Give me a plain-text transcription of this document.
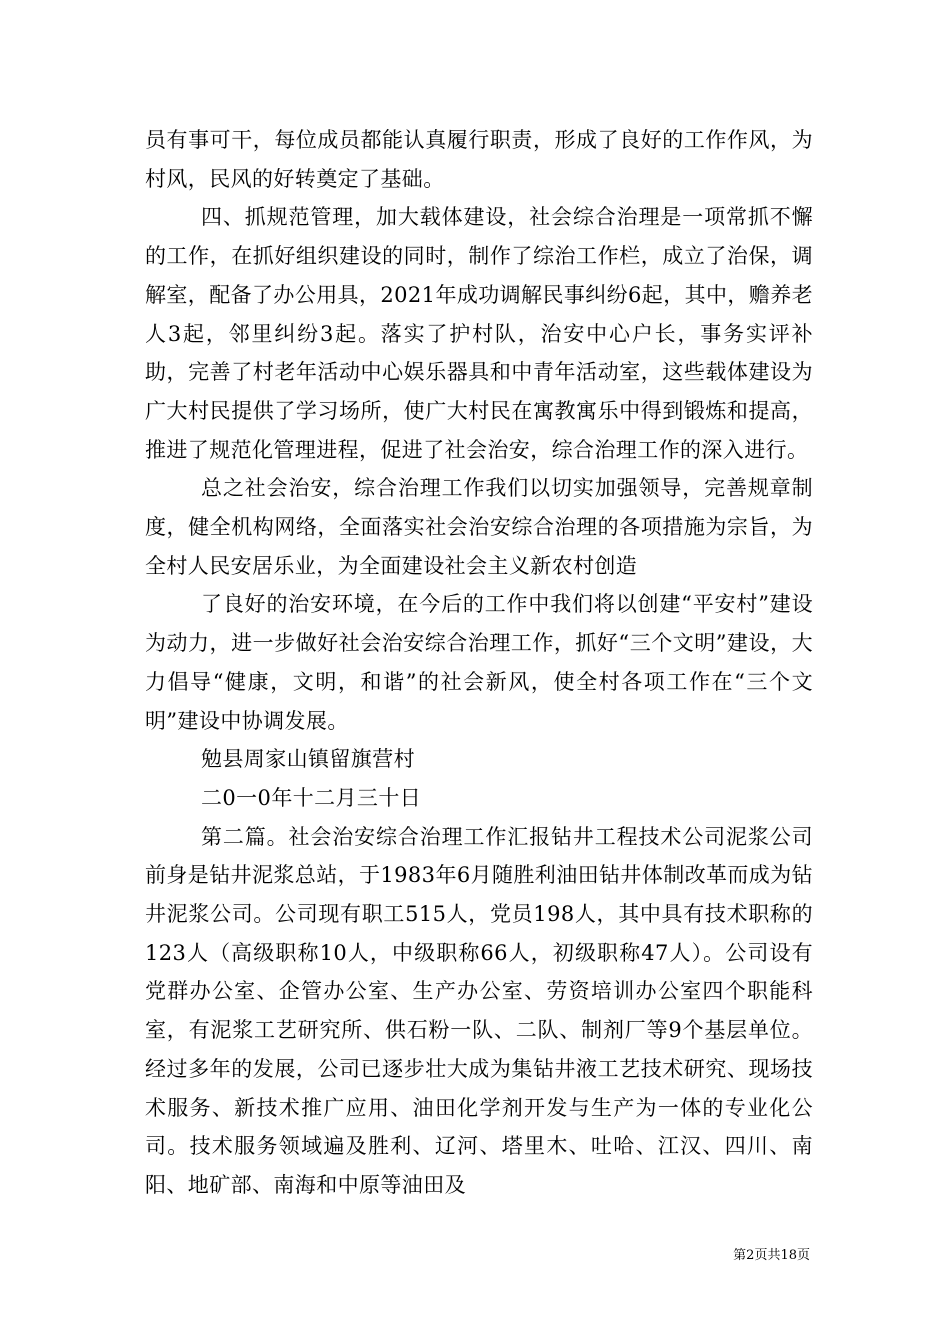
员有事可干，每位成员都能认真履行职责，形成了良好的工作作风，为村风，民风的好转奠定了基础。

四、抓规范管理，加大载体建设，社会综合治理是一项常抓不懈的工作，在抓好组织建设的同时，制作了综治工作栏，成立了治保，调解室，配备了办公用具，2021年成功调解民事纠纷6起，其中，赡养老人3起，邻里纠纷3起。落实了护村队，治安中心户长，事务实评补助，完善了村老年活动中心娱乐器具和中青年活动室，这些载体建设为广大村民提供了学习场所，使广大村民在寓教寓乐中得到锻炼和提高，推进了规范化管理进程，促进了社会治安，综合治理工作的深入进行。

总之社会治安，综合治理工作我们以切实加强领导，完善规章制度，健全机构网络，全面落实社会治安综合治理的各项措施为宗旨，为全村人民安居乐业，为全面建设社会主义新农村创造

了良好的治安环境，在今后的工作中我们将以创建“平安村”建设为动力，进一步做好社会治安综合治理工作，抓好“三个文明”建设，大力倡导“健康，文明，和谐”的社会新风，使全村各项工作在“三个文明”建设中协调发展。

勉县周家山镇留旗营村

二0一0年十二月三十日

第二篇。社会治安综合治理工作汇报钻井工程技术公司泥浆公司前身是钻井泥浆总站，于1983年6月随胜利油田钻井体制改革而成为钻井泥浆公司。公司现有职工515人，党员198人，其中具有技术职称的123人（高级职称10人，中级职称66人，初级职称47人）。公司设有党群办公室、企管办公室、生产办公室、劳资培训办公室四个职能科室，有泥浆工艺研究所、供石粉一队、二队、制剂厂等9个基层单位。经过多年的发展，公司已逐步壮大成为集钻井液工艺技术研究、现场技术服务、新技术推广应用、油田化学剂开发与生产为一体的专业化公司。技术服务领域遍及胜利、辽河、塔里木、吐哈、江汉、四川、南阳、地矿部、南海和中原等油田及

第2页共18页
